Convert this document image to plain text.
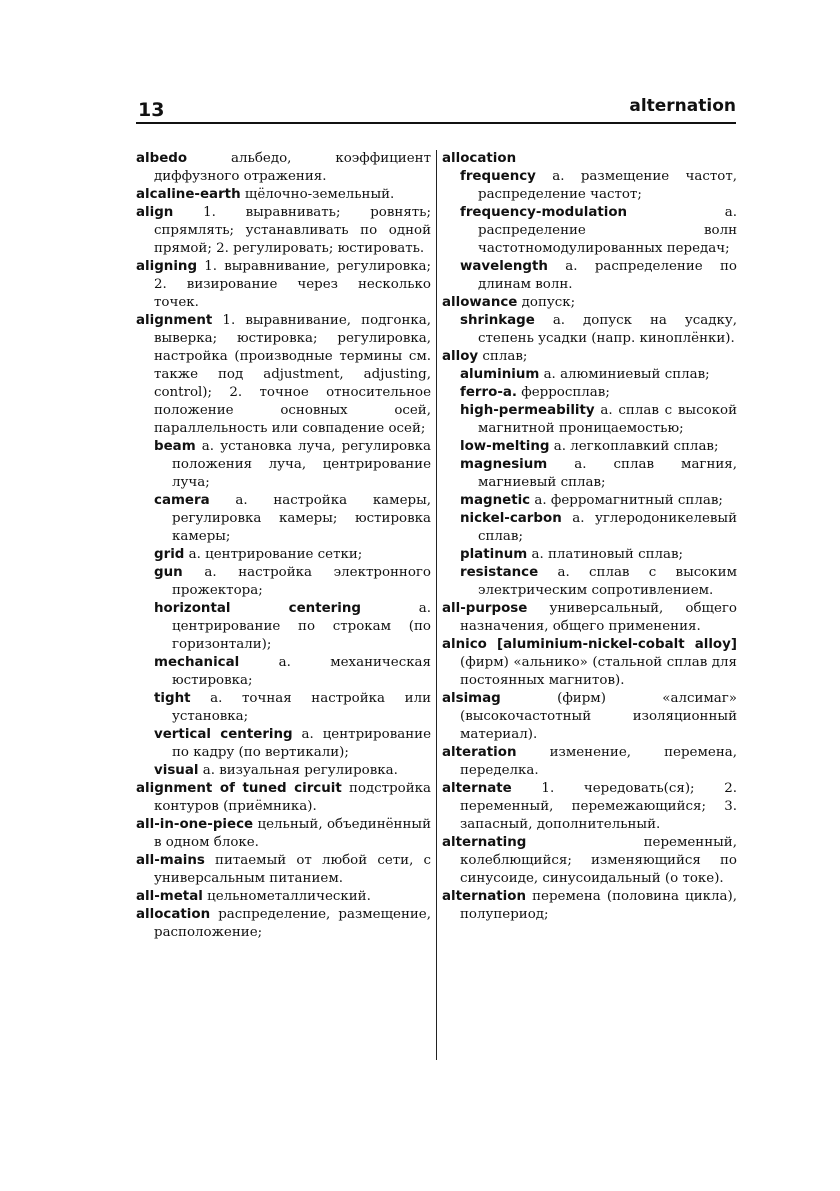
13	alternation
albedo альбедо, коэффициент диффузного отражения.
alcaline-earth щёлочно-земельный.
align 1. выравнивать; ровнять; спрямлять; устанавливать по одной прямой; 2. регулировать; юстировать.
aligning 1. выравнивание, регулировка; 2. визирование через несколько точек.
alignment 1. выравнивание, подгонка, выверка; юстировка; регулировка, настройка (производные термины см. также под adjustment, adjusting, control); 2. точное относительное положение основных осей, параллельность или совпадение осей;
beam a. установка луча, регулировка положения луча, центрирование луча;
camera a. настройка камеры, регулировка камеры; юстировка камеры;
grid a. центрирование сетки;
gun a. настройка электронного прожектора;
horizontal centering a. центрирование по строкам (по горизонтали);
mechanical a. механическая юстировка;
tight a. точная настройка или установка;
vertical centering a. центрирование по кадру (по вертикали);
visual a. визуальная регулировка.
alignment of tuned circuit подстройка контуров (приёмника).
all-in-one-piece цельный, объединённый в одном блоке.
all-mains питаемый от любой сети, с универсальным питанием.
all-metal цельнометаллический.
allocation распределение, размещение, расположение;
allocation
frequency a. размещение частот, распределение частот;
frequency-modulation a. распределение волн частотномодулированных передач;
wavelength a. распределение по длинам волн.
allowance допуск;
shrinkage a. допуск на усадку, степень усадки (напр. киноплёнки).
alloy сплав;
aluminium a. алюминиевый сплав;
ferro-a. ферросплав;
high-permeability a. сплав с высокой магнитной проницаемостью;
low-melting a. легкоплавкий сплав;
magnesium a. сплав магния, магниевый сплав;
magnetic a. ферромагнитный сплав;
nickel-carbon a. углеродоникелевый сплав;
platinum a. платиновый сплав;
resistance a. сплав с высоким электрическим сопротивлением.
all-purpose универсальный, общего назначения, общего применения.
alnico [aluminium-nickel-cobalt alloy] (фирм) «альнико» (стальной сплав для постоянных магнитов).
alsimag (фирм) «алсимаг» (высокочастотный изоляционный материал).
alteration изменение, перемена, переделка.
alternate 1. чередовать(ся); 2. переменный, перемежающийся; 3. запасный, дополнительный.
alternating переменный, колеблющийся; изменяющийся по синусоиде, синусоидальный (о токе).
alternation перемена (половина цикла), полупериод;
